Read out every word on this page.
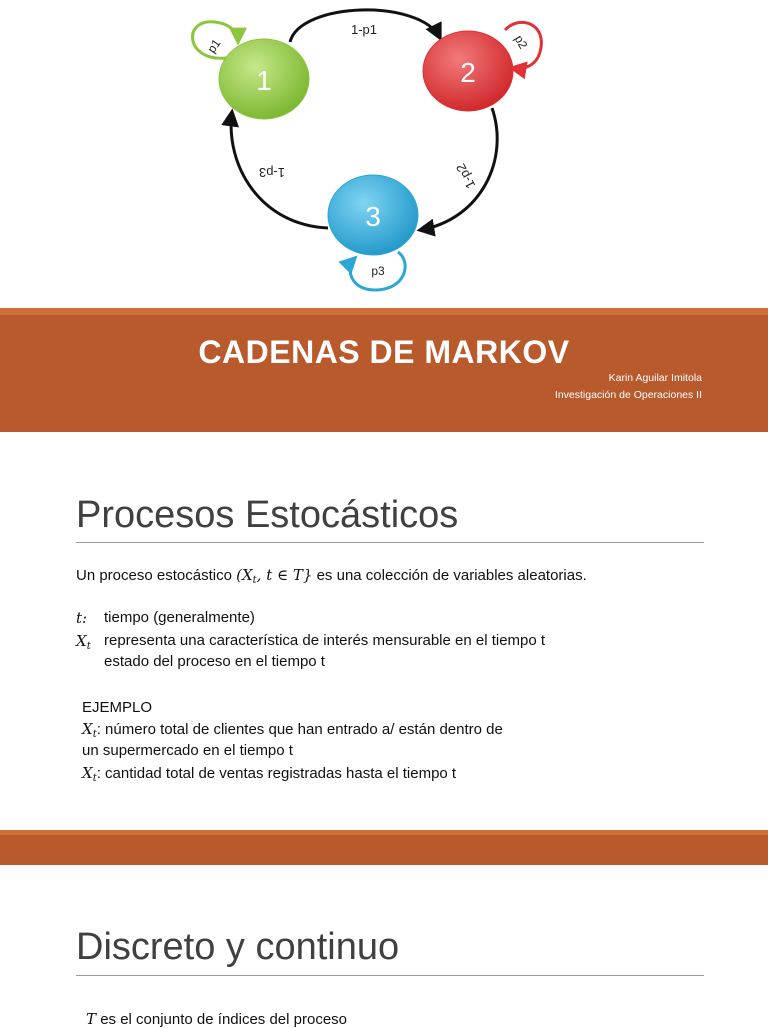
1	2
3
1-p1
1-p2
1-p3
p1	p2
p3
CADENAS DE MARKOV
Karin Aguilar Imitola
Investigación de Operaciones II
Procesos Estocásticos
Un proceso estocástico ($X_t$, t ∈ T} es una colección de variables aleatorias.
t: tiempo (generalmente)
$X_t$ representa una característica de interés mensurable en el tiempo t
estado del proceso en el tiempo t
EJEMPLO
$X_t$: número total de clientes que han entrado a/ están dentro de
un supermercado en el tiempo t
$X_t$: cantidad total de ventas registradas hasta el tiempo t
Discreto y continuo
T es el conjunto de índices del proceso
